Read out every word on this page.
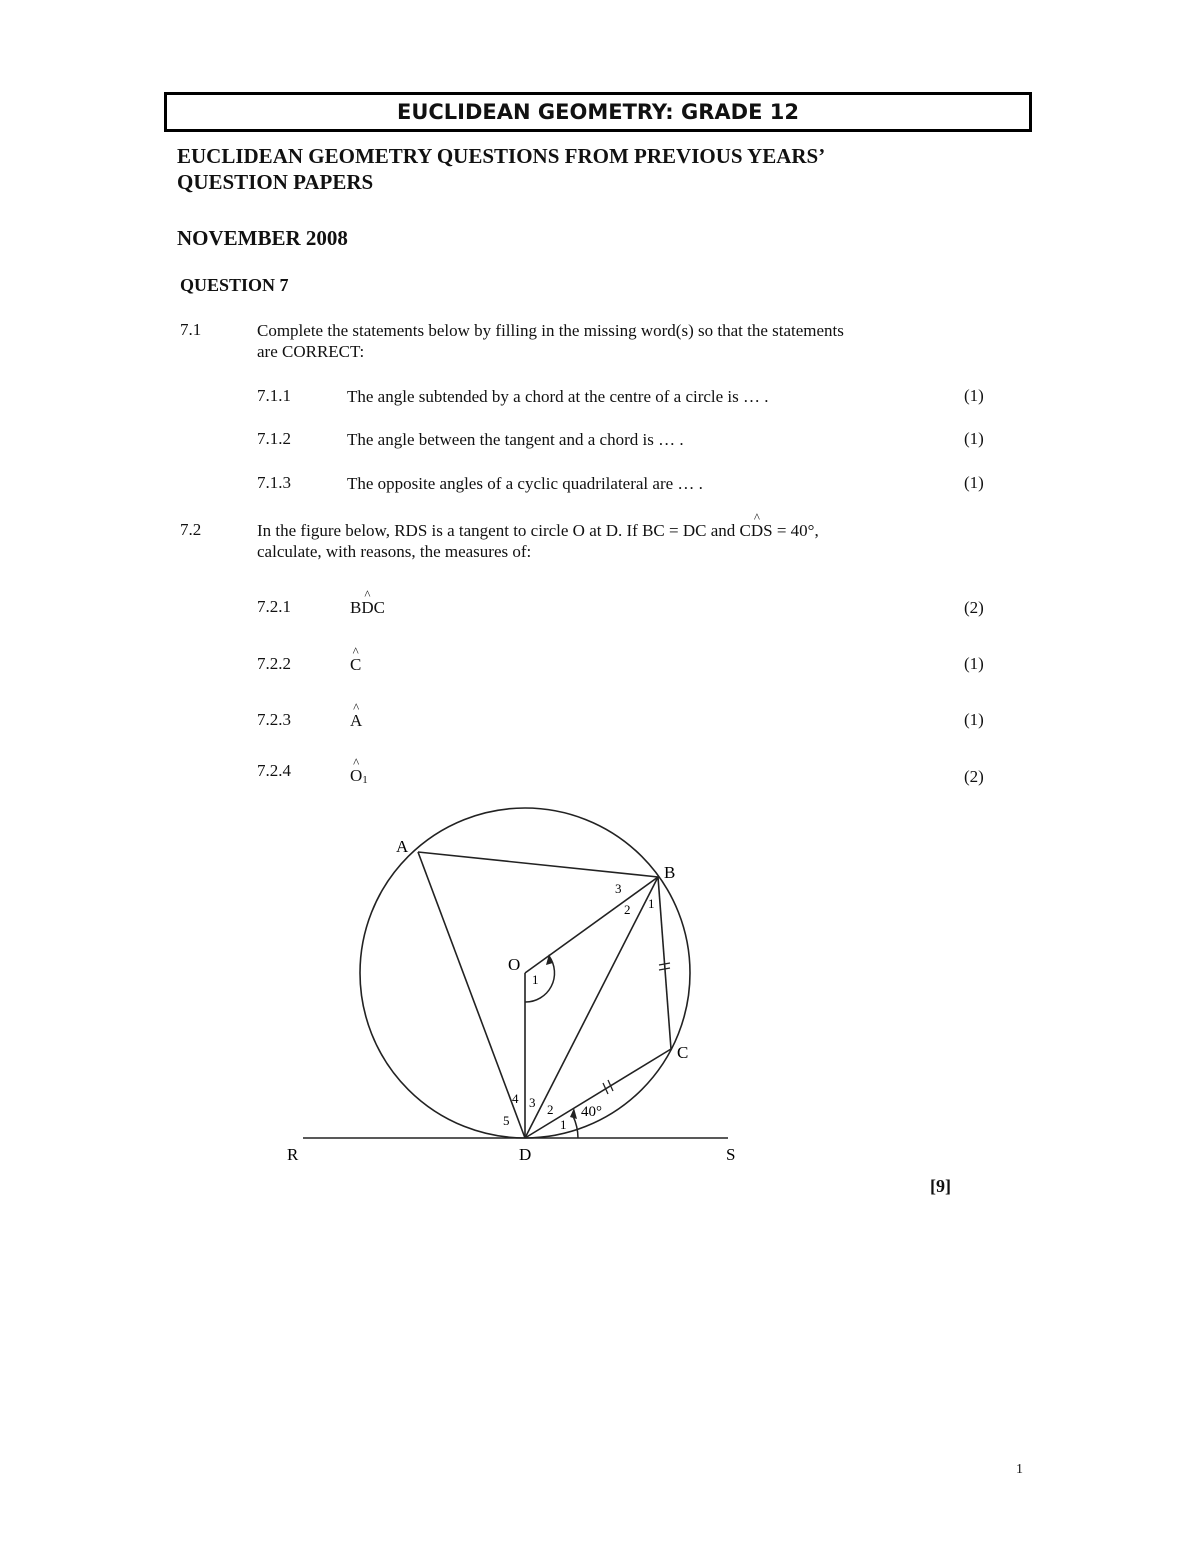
EUCLIDEAN GEOMETRY: GRADE 12
EUCLIDEAN GEOMETRY QUESTIONS FROM PREVIOUS YEARS’
QUESTION PAPERS
NOVEMBER 2008
QUESTION 7
7.1	Complete the statements below by filling in the missing word(s) so that the statements
are CORRECT:
7.1.1	The angle subtended by a chord at the centre of a circle is … .	(1)
7.1.2	The angle between the tangent and a chord is … .	(1)
7.1.3	The opposite angles of a cyclic quadrilateral are … .	(1)
7.2	In the figure below, RDS is a tangent to circle O at D. If BC = DC and C^ DS = 40°,
calculate, with reasons, the measures of:
7.2.1	B^ DC	(2)
7.2.2	^ C	(1)
7.2.3	^ A	(1)
7.2.4	^ O1	(2)
A
B
C
D
O
R	S
3
2 1
1
4 3 2
5	1
40°
[9]
1
